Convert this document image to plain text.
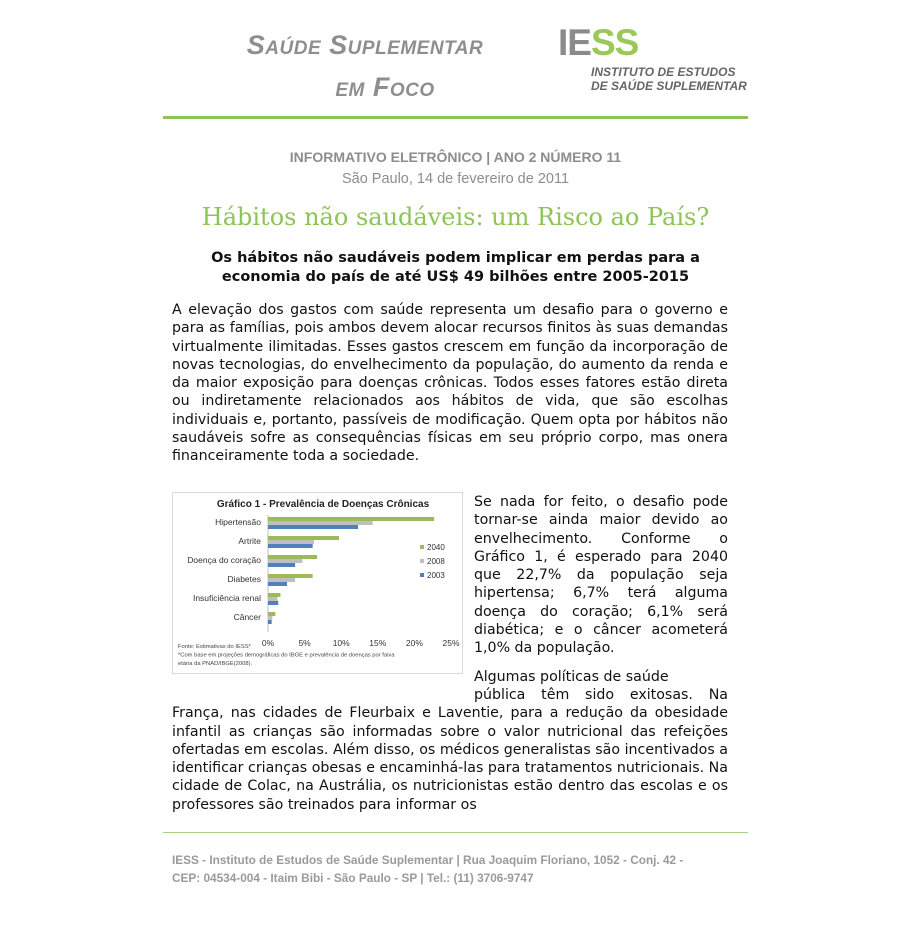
Saúde Suplementar
em Foco
IESS
INSTITUTO DE ESTUDOS
DE SAÚDE SUPLEMENTAR
INFORMATIVO ELETRÔNICO | ANO 2 NÚMERO 11
São Paulo, 14 de fevereiro de 2011
Hábitos não saudáveis: um Risco ao País?
Os hábitos não saudáveis podem implicar em perdas para a
economia do país de até US$ 49 bilhões entre 2005-2015
A elevação dos gastos com saúde representa um desafio para o governo e para as famílias, pois ambos devem alocar recursos finitos às suas demandas virtualmente ilimitadas. Esses gastos crescem em função da incorporação de novas tecnologias, do envelhecimento da população, do aumento da renda e da maior exposição para doenças crônicas. Todos esses fatores estão direta ou indiretamente relacionados aos hábitos de vida, que são escolhas individuais e, portanto, passíveis de modificação. Quem opta por hábitos não saudáveis sofre as consequências físicas em seu próprio corpo, mas onera financeiramente toda a sociedade.
Gráfico 1 - Prevalência de Doenças Crônicas
Hipertensão
Artrite
Doença do coração
Diabetes
Insuficiência renal
Câncer
0%	5%	10% 15% 20% 25%
2040
2008
2003
Fonte: Estimativas do IESS*
*Com base em projeções demográficas do IBGE e prevalência de doenças por faixa
etária da PNAD/IBGE(2008).
Se nada for feito, o desafio pode tornar-se ainda maior devido ao envelhecimento. Conforme o Gráfico 1, é esperado para 2040 que 22,7% da população seja hipertensa; 6,7% terá alguma doença do coração; 6,1% será diabética; e o câncer acometerá 1,0% da população.
Algumas políticas de saúde
pública têm sido exitosas. Na França, nas cidades de Fleurbaix e Laventie, para a redução da obesidade infantil as crianças são informadas sobre o valor nutricional das refeições ofertadas em escolas. Além disso, os médicos generalistas são incentivados a identificar crianças obesas e encaminhá-las para tratamentos nutricionais. Na cidade de Colac, na Austrália, os nutricionistas estão dentro das escolas e os professores são treinados para informar os
IESS - Instituto de Estudos de Saúde Suplementar | Rua Joaquim Floriano, 1052 - Conj. 42 -
CEP: 04534-004 - Itaim Bibi - São Paulo - SP | Tel.: (11) 3706-9747
